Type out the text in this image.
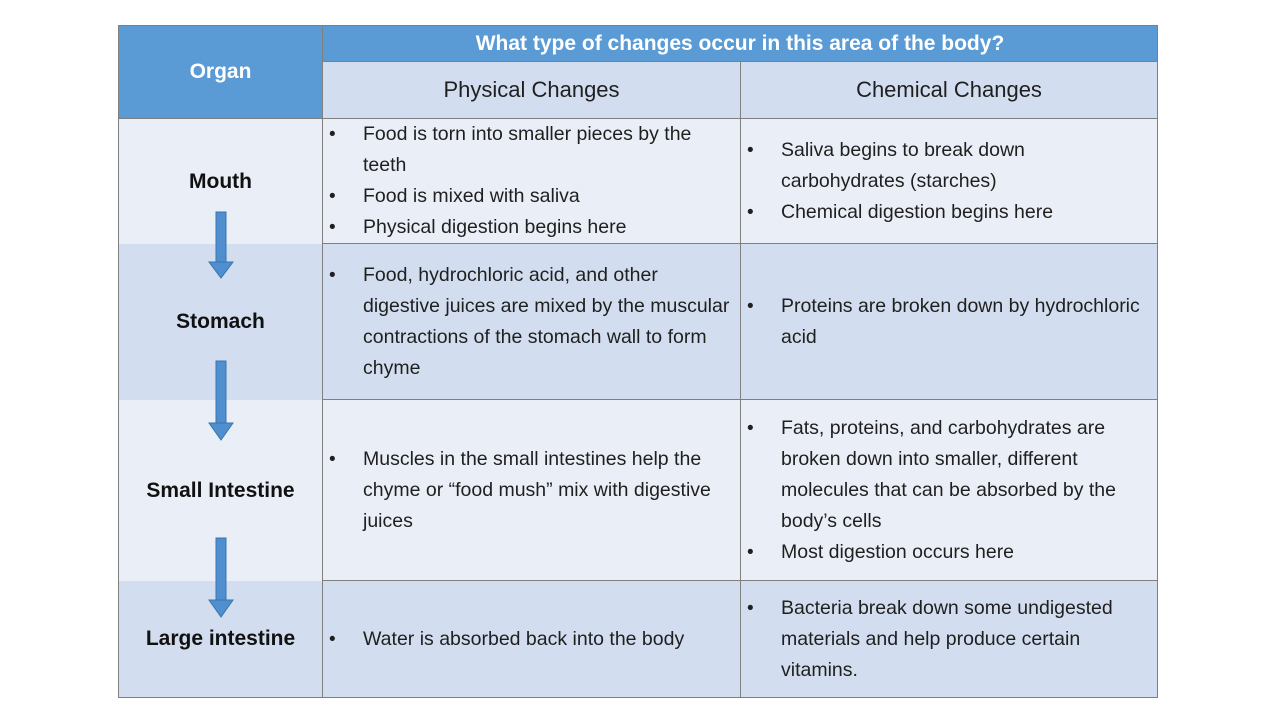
Organ
What type of changes occur in this area of the body?
Physical Changes	Chemical Changes
Mouth
• Food is torn into smaller pieces by the teeth
• Food is mixed with saliva
• Physical digestion begins here
• Saliva begins to break down carbohydrates (starches)
• Chemical digestion begins here
Stomach
• Food, hydrochloric acid, and other digestive juices are mixed by the muscular contractions of the stomach wall to form chyme
• Proteins are broken down by hydrochloric acid
Small Intestine
• Muscles in the small intestines help the chyme or “food mush” mix with digestive juices
• Fats, proteins, and carbohydrates are broken down into smaller, different molecules that can be absorbed by the body’s cells
• Most digestion occurs here
Large intestine
•	Water is absorbed back into the body
• Bacteria break down some undigested materials and help produce certain vitamins.
